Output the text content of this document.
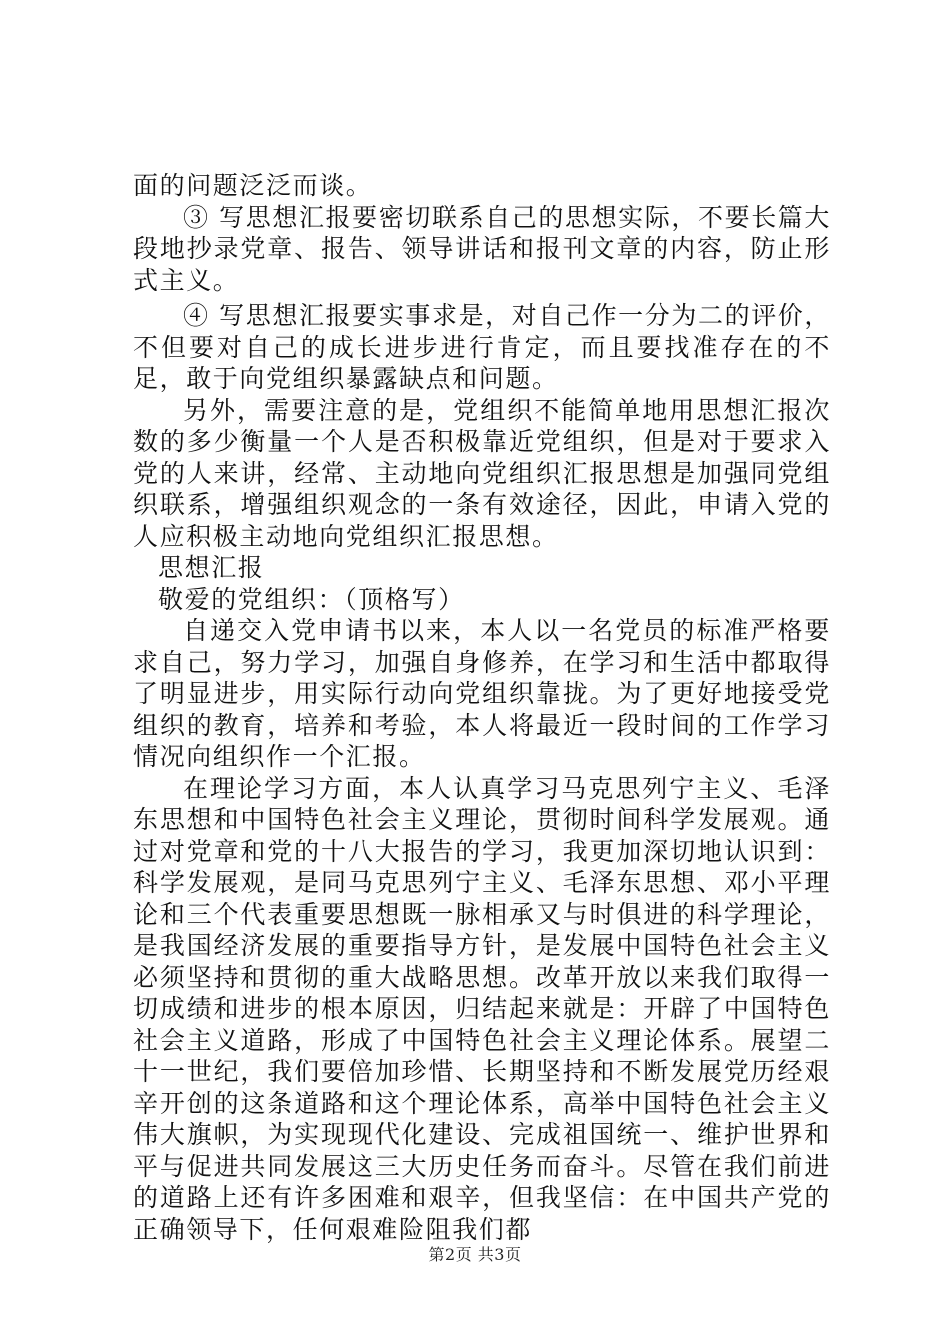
面的问题泛泛而谈。

③ 写思想汇报要密切联系自己的思想实际，不要长篇大段地抄录党章、报告、领导讲话和报刊文章的内容，防止形式主义。

④ 写思想汇报要实事求是，对自己作一分为二的评价，不但要对自己的成长进步进行肯定，而且要找准存在的不足，敢于向党组织暴露缺点和问题。

另外，需要注意的是，党组织不能简单地用思想汇报次数的多少衡量一个人是否积极靠近党组织，但是对于要求入党的人来讲，经常、主动地向党组织汇报思想是加强同党组织联系，增强组织观念的一条有效途径，因此，申请入党的人应积极主动地向党组织汇报思想。

思想汇报

敬爱的党组织：（顶格写）

自递交入党申请书以来，本人以一名党员的标准严格要求自己，努力学习，加强自身修养，在学习和生活中都取得了明显进步，用实际行动向党组织靠拢。为了更好地接受党组织的教育，培养和考验，本人将最近一段时间的工作学习情况向组织作一个汇报。

在理论学习方面，本人认真学习马克思列宁主义、毛泽东思想和中国特色社会主义理论，贯彻时间科学发展观。通过对党章和党的十八大报告的学习，我更加深切地认识到：科学发展观，是同马克思列宁主义、毛泽东思想、邓小平理论和三个代表重要思想既一脉相承又与时俱进的科学理论，是我国经济发展的重要指导方针，是发展中国特色社会主义必须坚持和贯彻的重大战略思想。改革开放以来我们取得一切成绩和进步的根本原因，归结起来就是：开辟了中国特色社会主义道路，形成了中国特色社会主义理论体系。展望二十一世纪，我们要倍加珍惜、长期坚持和不断发展党历经艰辛开创的这条道路和这个理论体系，高举中国特色社会主义伟大旗帜，为实现现代化建设、完成祖国统一、维护世界和平与促进共同发展这三大历史任务而奋斗。尽管在我们前进的道路上还有许多困难和艰辛，但我坚信：在中国共产党的正确领导下，任何艰难险阻我们都

第2页 共3页
